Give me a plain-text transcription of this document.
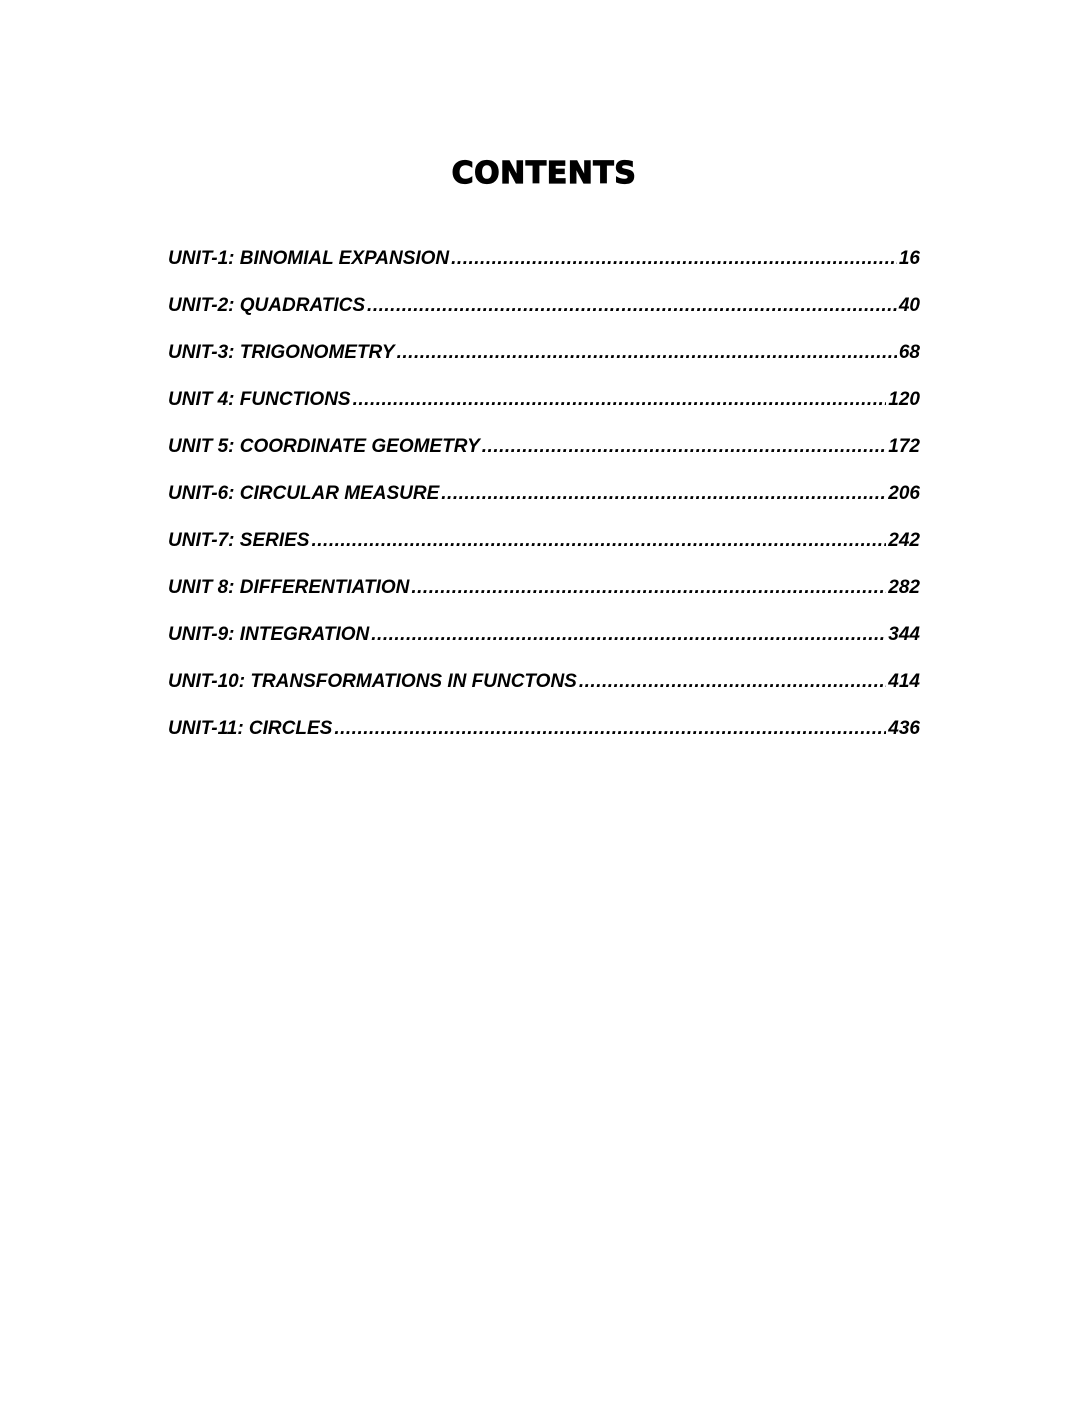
CONTENTS
UNIT-1: BINOMIAL EXPANSION .....	16
UNIT-2: QUADRATICS .....	40
UNIT-3: TRIGONOMETRY .....	68
UNIT 4: FUNCTIONS .....	120
UNIT 5: COORDINATE GEOMETRY .....	172
UNIT-6: CIRCULAR MEASURE .....	206
UNIT-7: SERIES .....	242
UNIT 8: DIFFERENTIATION .....	282
UNIT-9: INTEGRATION .....	344
UNIT-10: TRANSFORMATIONS IN FUNCTONS .....	414
UNIT-11: CIRCLES .....	436
